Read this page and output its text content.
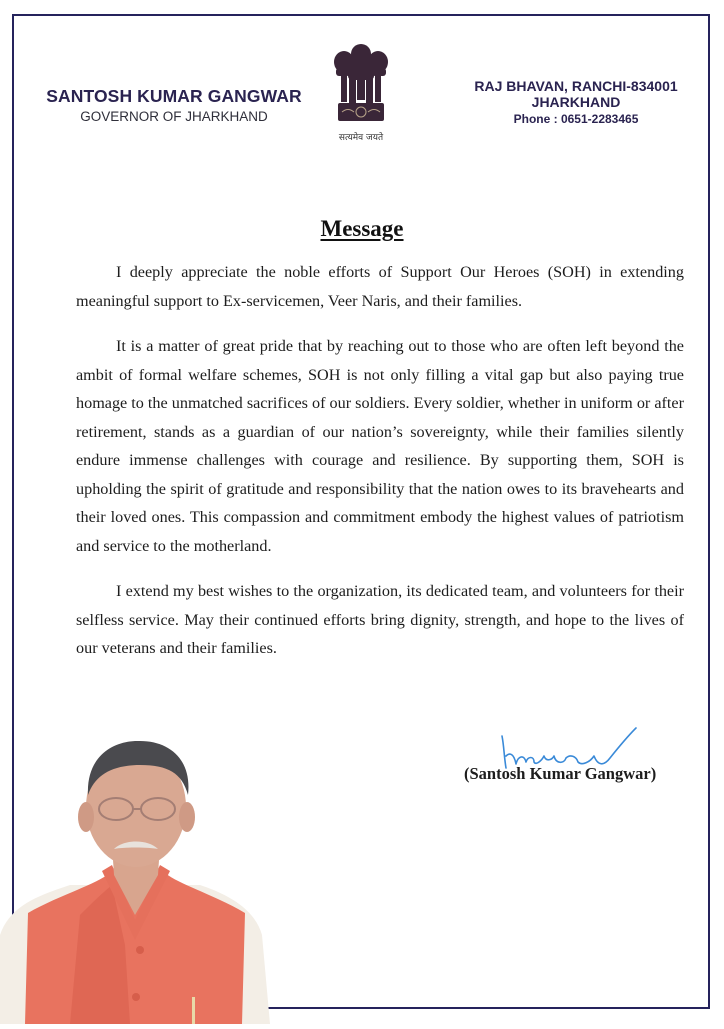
SANTOSH KUMAR GANGWAR
GOVERNOR OF JHARKHAND
सत्यमेव जयते
RAJ BHAVAN, RANCHI-834001
JHARKHAND
Phone : 0651-2283465
Message

I deeply appreciate the noble efforts of Support Our Heroes (SOH) in extending meaningful support to Ex-servicemen, Veer Naris, and their families.

It is a matter of great pride that by reaching out to those who are often left beyond the ambit of formal welfare schemes, SOH is not only filling a vital gap but also paying true homage to the unmatched sacrifices of our soldiers. Every soldier, whether in uniform or after retirement, stands as a guardian of our nation’s sovereignty, while their families silently endure immense challenges with courage and resilience. By supporting them, SOH is upholding the spirit of gratitude and responsibility that the nation owes to its bravehearts and their loved ones. This compassion and commitment embody the highest values of patriotism and service to the motherland.

I extend my best wishes to the organization, its dedicated team, and volunteers for their selfless service. May their continued efforts bring dignity, strength, and hope to the lives of our veterans and their families.

(Santosh Kumar Gangwar)
